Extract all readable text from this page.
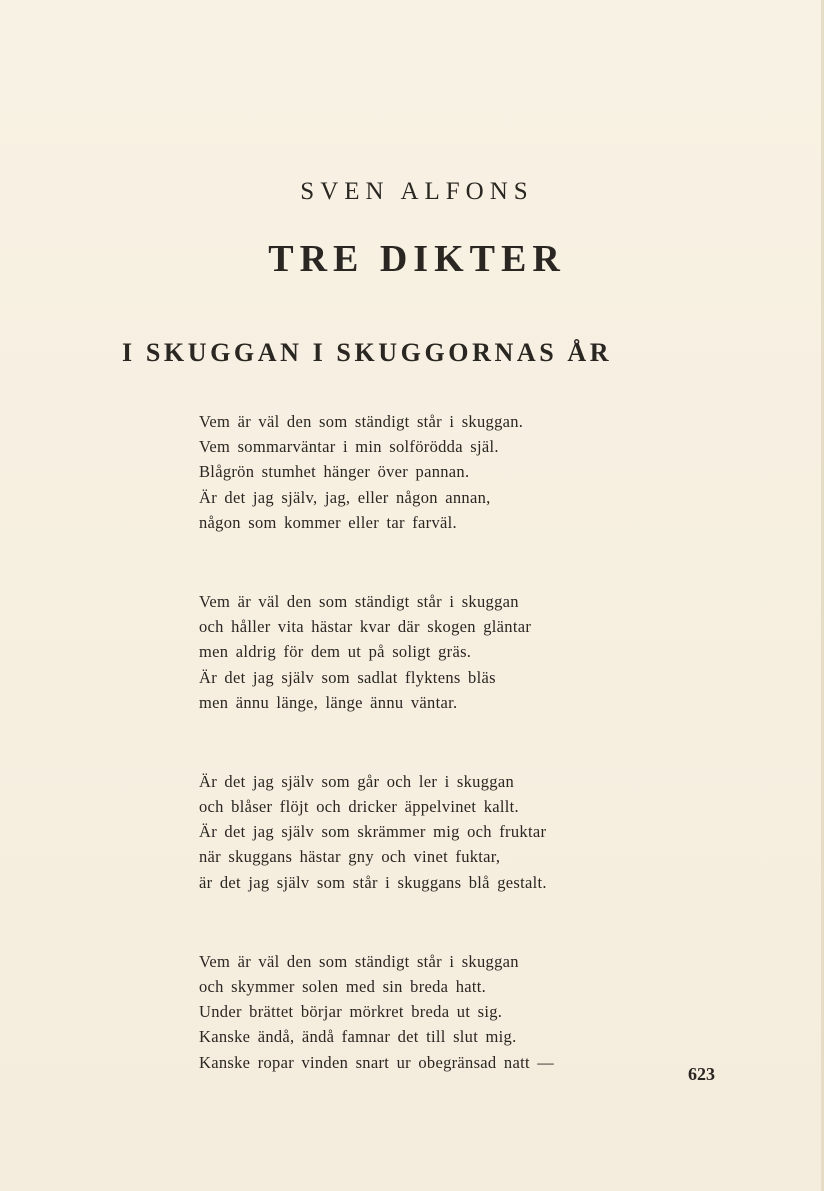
SVEN ALFONS
TRE DIKTER
I SKUGGAN I SKUGGORNAS ÅR
Vem är väl den som ständigt står i skuggan.
Vem sommarväntar i min solförödda själ.
Blågrön stumhet hänger över pannan.
Är det jag själv, jag, eller någon annan,
någon som kommer eller tar farväl.
Vem är väl den som ständigt står i skuggan
och håller vita hästar kvar där skogen gläntar
men aldrig för dem ut på soligt gräs.
Är det jag själv som sadlat flyktens bläs
men ännu länge, länge ännu väntar.
Är det jag själv som går och ler i skuggan
och blåser flöjt och dricker äppelvinet kallt.
Är det jag själv som skrämmer mig och fruktar
när skuggans hästar gny och vinet fuktar,
är det jag själv som står i skuggans blå gestalt.
Vem är väl den som ständigt står i skuggan
och skymmer solen med sin breda hatt.
Under brättet börjar mörkret breda ut sig.
Kanske ändå, ändå famnar det till slut mig.
Kanske ropar vinden snart ur obegränsad natt —
623
